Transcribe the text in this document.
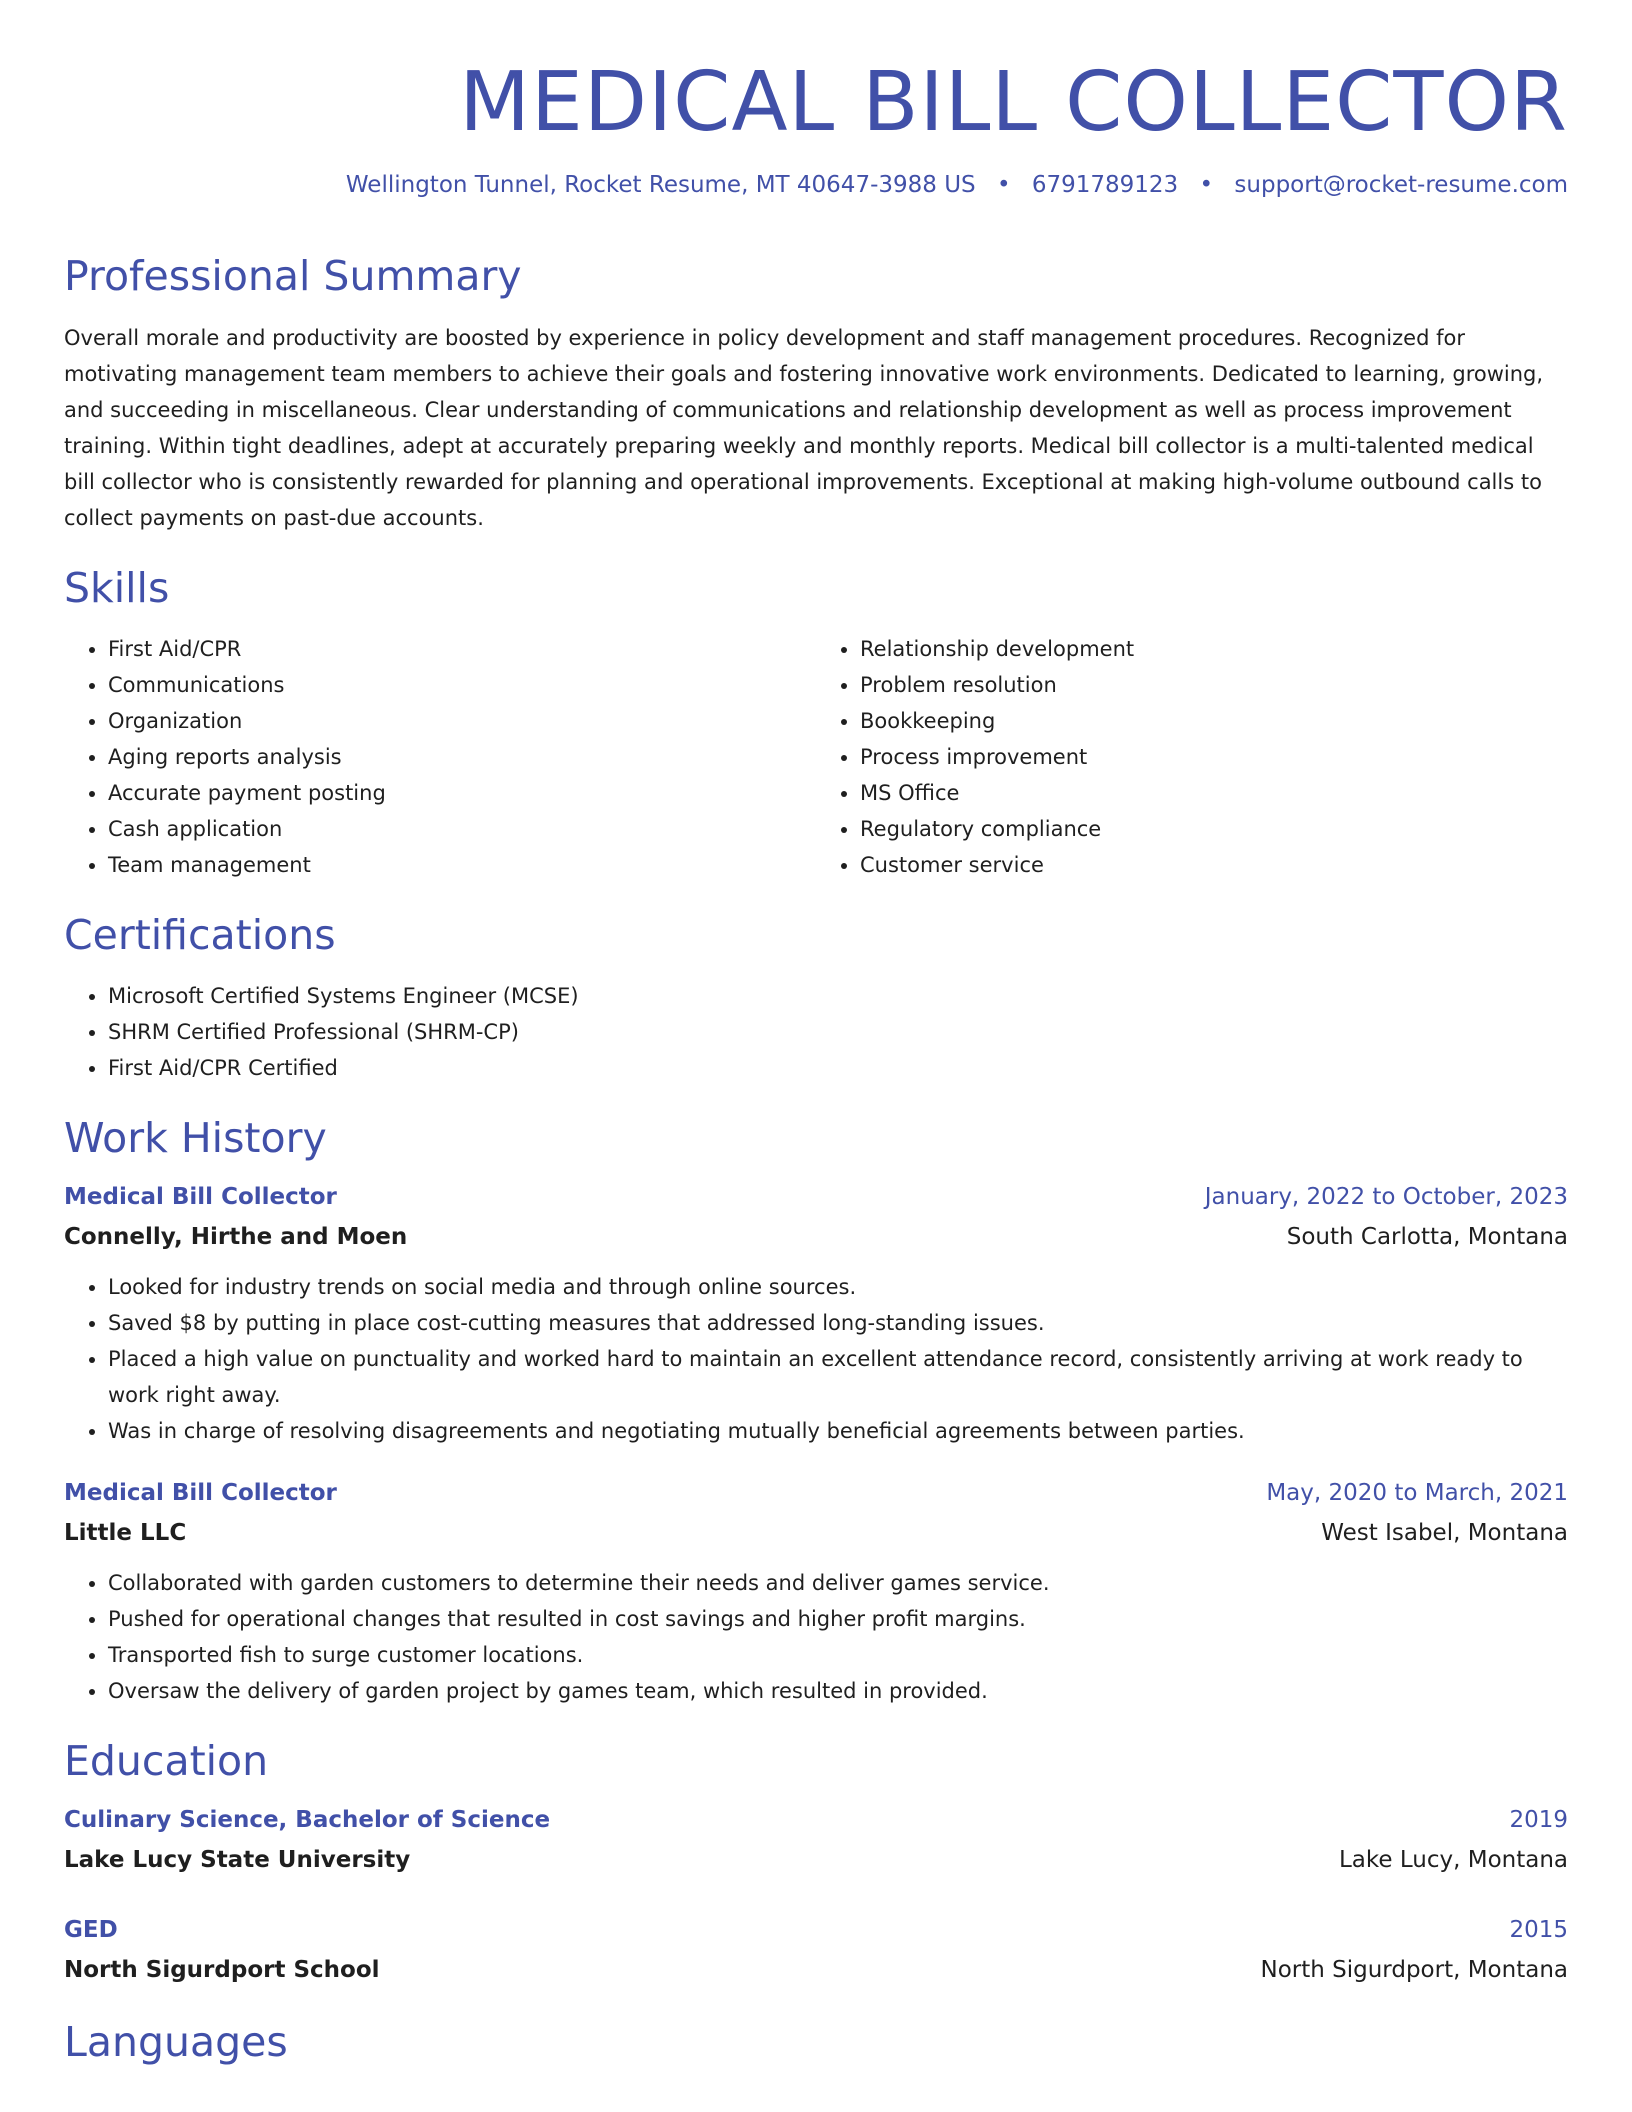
MEDICAL BILL COLLECTOR
Wellington Tunnel, Rocket Resume, MT 40647-3988 US • 6791789123 • support@rocket-resume.com
Professional Summary
Overall morale and productivity are boosted by experience in policy development and staff management procedures. Recognized for motivating management team members to achieve their goals and fostering innovative work environments. Dedicated to learning, growing, and succeeding in miscellaneous. Clear understanding of communications and relationship development as well as process improvement training. Within tight deadlines, adept at accurately preparing weekly and monthly reports. Medical bill collector is a multi-talented medical bill collector who is consistently rewarded for planning and operational improvements. Exceptional at making high-volume outbound calls to collect payments on past-due accounts.
Skills
• First Aid/CPR
• Communications
• Organization
• Aging reports analysis
• Accurate payment posting
• Cash application
• Team management
• Relationship development
• Problem resolution
• Bookkeeping
• Process improvement
• MS Office
• Regulatory compliance
• Customer service
Certifications
• Microsoft Certified Systems Engineer (MCSE)
• SHRM Certified Professional (SHRM-CP)
• First Aid/CPR Certified
Work History
Medical Bill Collector	January, 2022 to October, 2023
Connelly, Hirthe and Moen	South Carlotta, Montana
• Looked for industry trends on social media and through online sources.
• Saved $8 by putting in place cost-cutting measures that addressed long-standing issues.
• Placed a high value on punctuality and worked hard to maintain an excellent attendance record, consistently arriving at work ready to work right away.
• Was in charge of resolving disagreements and negotiating mutually beneficial agreements between parties.
Medical Bill Collector	May, 2020 to March, 2021
Little LLC	West Isabel, Montana
• Collaborated with garden customers to determine their needs and deliver games service.
• Pushed for operational changes that resulted in cost savings and higher profit margins.
• Transported fish to surge customer locations.
• Oversaw the delivery of garden project by games team, which resulted in provided.
Education
Culinary Science, Bachelor of Science	2019
Lake Lucy State University	Lake Lucy, Montana
GED	2015
North Sigurdport School	North Sigurdport, Montana
Languages
